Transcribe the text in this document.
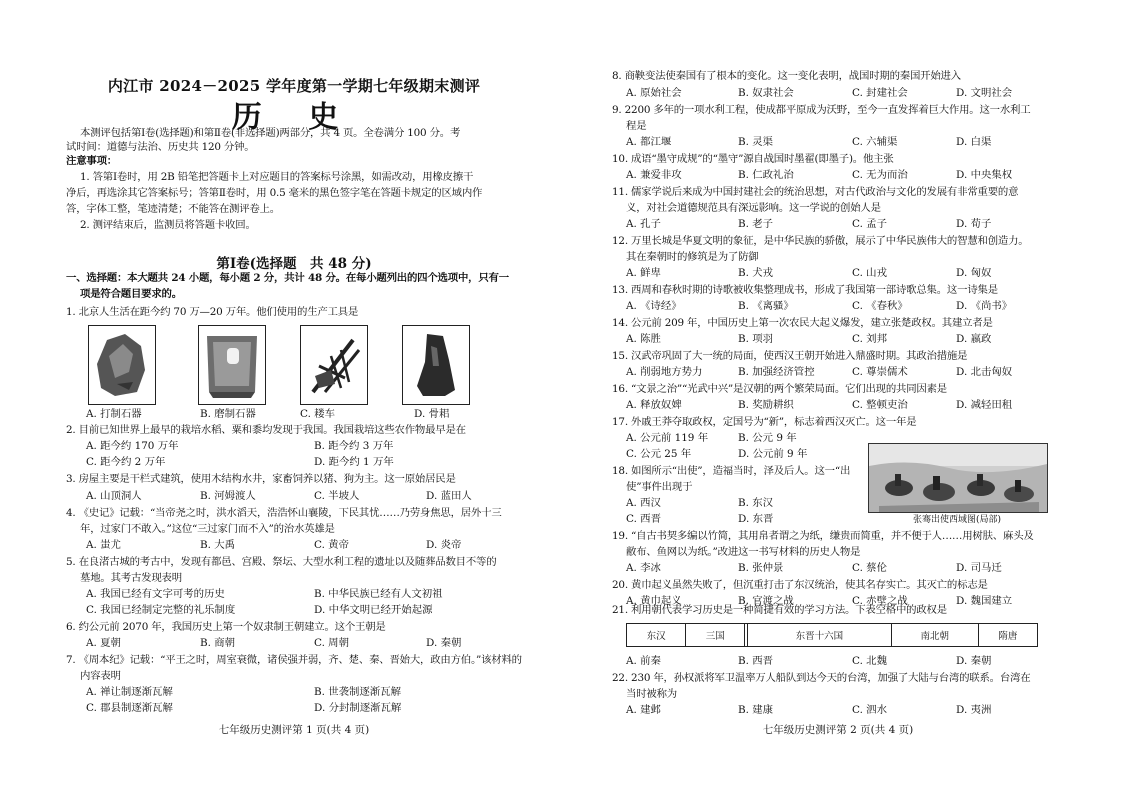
内江市 2024－2025 学年度第一学期七年级期末测评
历 史
本测评包括第Ⅰ卷(选择题)和第Ⅱ卷(非选择题)两部分，共 4 页。全卷满分 100 分。考
试时间：道德与法治、历史共 120 分钟。
注意事项：
1. 答第Ⅰ卷时，用 2B 铅笔把答题卡上对应题目的答案标号涂黑，如需改动，用橡皮擦干
净后，再选涂其它答案标号；答第Ⅱ卷时，用 0.5 毫米的黑色签字笔在答题卡规定的区域内作
答，字体工整，笔迹清楚；不能答在测评卷上。
2. 测评结束后，监测员将答题卡收回。
第Ⅰ卷(选择题　共 48 分)
一、选择题：本大题共 24 小题，每小题 2 分，共计 48 分。在每小题列出的四个选项中，只有一
项是符合题目要求的。
1. 北京人生活在距今约 70 万—20 万年。他们使用的生产工具是
A. 打制石器	B. 磨制石器	C. 耧车	D. 骨耜
2. 目前已知世界上最早的栽培水稻、粟和黍均发现于我国。我国栽培这些农作物最早是在
A. 距今约 170 万年	B. 距今约 3 万年
C. 距今约 2 万年	D. 距今约 1 万年
3. 房屋主要是干栏式建筑，使用木结构水井，家畜饲养以猪、狗为主。这一原始居民是
A. 山顶洞人	B. 河姆渡人	C. 半坡人	D. 蓝田人
4. 《史记》记载：“当帝尧之时，洪水滔天，浩浩怀山襄陵，下民其忧……乃劳身焦思，居外十三
年，过家门不敢入。”这位“三过家门而不入”的治水英雄是
A. 蚩尤	B. 大禹	C. 黄帝	D. 炎帝
5. 在良渚古城的考古中，发现有都邑、宫殿、祭坛、大型水利工程的遗址以及随葬品数目不等的
墓地。其考古发现表明
A. 我国已经有文字可考的历史	B. 中华民族已经有人文初祖
C. 我国已经制定完整的礼乐制度	D. 中华文明已经开始起源
6. 约公元前 2070 年，我国历史上第一个奴隶制王朝建立。这个王朝是
A. 夏朝	B. 商朝	C. 周朝	D. 秦朝
7. 《周本纪》记载：“平王之时，周室衰微，诸侯强并弱，齐、楚、秦、晋始大，政由方伯。”该材料的
内容表明
A. 禅让制逐渐瓦解	B. 世袭制逐渐瓦解
C. 郡县制逐渐瓦解	D. 分封制逐渐瓦解
七年级历史测评第 1 页(共 4 页)
8. 商鞅变法使秦国有了根本的变化。这一变化表明，战国时期的秦国开始进入
A. 原始社会	B. 奴隶社会	C. 封建社会	D. 文明社会
9. 2200 多年的一项水利工程，使成都平原成为沃野，至今一直发挥着巨大作用。这一水利工
程是
A. 都江堰	B. 灵渠	C. 六辅渠	D. 白渠
10. 成语“墨守成规”的“墨守”源自战国时墨翟(即墨子)。他主张
A. 兼爱非攻	B. 仁政礼治	C. 无为而治	D. 中央集权
11. 儒家学说后来成为中国封建社会的统治思想，对古代政治与文化的发展有非常重要的意
义，对社会道德规范具有深远影响。这一学说的创始人是
A. 孔子	B. 老子	C. 孟子	D. 荀子
12. 万里长城是华夏文明的象征，是中华民族的骄傲，展示了中华民族伟大的智慧和创造力。
其在秦朝时的修筑是为了防御
A. 鲜卑	B. 犬戎	C. 山戎	D. 匈奴
13. 西周和春秋时期的诗歌被收集整理成书，形成了我国第一部诗歌总集。这一诗集是
A. 《诗经》	B. 《离骚》	C. 《春秋》	D. 《尚书》
14. 公元前 209 年，中国历史上第一次农民大起义爆发，建立张楚政权。其建立者是
A. 陈胜	B. 项羽	C. 刘邦	D. 嬴政
15. 汉武帝巩固了大一统的局面，使西汉王朝开始进入鼎盛时期。其政治措施是
A. 削弱地方势力	B. 加强经济管控	C. 尊崇儒术	D. 北击匈奴
16. “文景之治”“光武中兴”是汉朝的两个繁荣局面。它们出现的共同因素是
A. 释放奴婢	B. 奖励耕织	C. 整顿吏治	D. 减轻田租
17. 外戚王莽夺取政权，定国号为“新”，标志着西汉灭亡。这一年是
A. 公元前 119 年	B. 公元 9 年
C. 公元 25 年	D. 公元前 9 年
张骞出使西域图(局部)
18. 如图所示“出使”，造福当时，泽及后人。这一“出
使”事件出现于
A. 西汉	B. 东汉
C. 西晋	D. 东晋
19. “自古书契多编以竹简，其用帛者谓之为纸，缣贵而简重，并不便于人……用树肤、麻头及
敝布、鱼网以为纸。”改进这一书写材料的历史人物是
A. 李冰	B. 张仲景	C. 蔡伦	D. 司马迁
20. 黄巾起义虽然失败了，但沉重打击了东汉统治，使其名存实亡。其灭亡的标志是
A. 黄巾起义	B. 官渡之战	C. 赤壁之战	D. 魏国建立
21. 利用朝代表学习历史是一种简捷有效的学习方法。下表空格中的政权是
东汉	三国		东晋十六国	南北朝	隋唐
A. 前秦	B. 西晋	C. 北魏	D. 秦朝
22. 230 年，孙权派将军卫温率万人船队到达今天的台湾，加强了大陆与台湾的联系。台湾在
当时被称为
A. 建邺	B. 建康	C. 泗水	D. 夷洲
七年级历史测评第 2 页(共 4 页)
